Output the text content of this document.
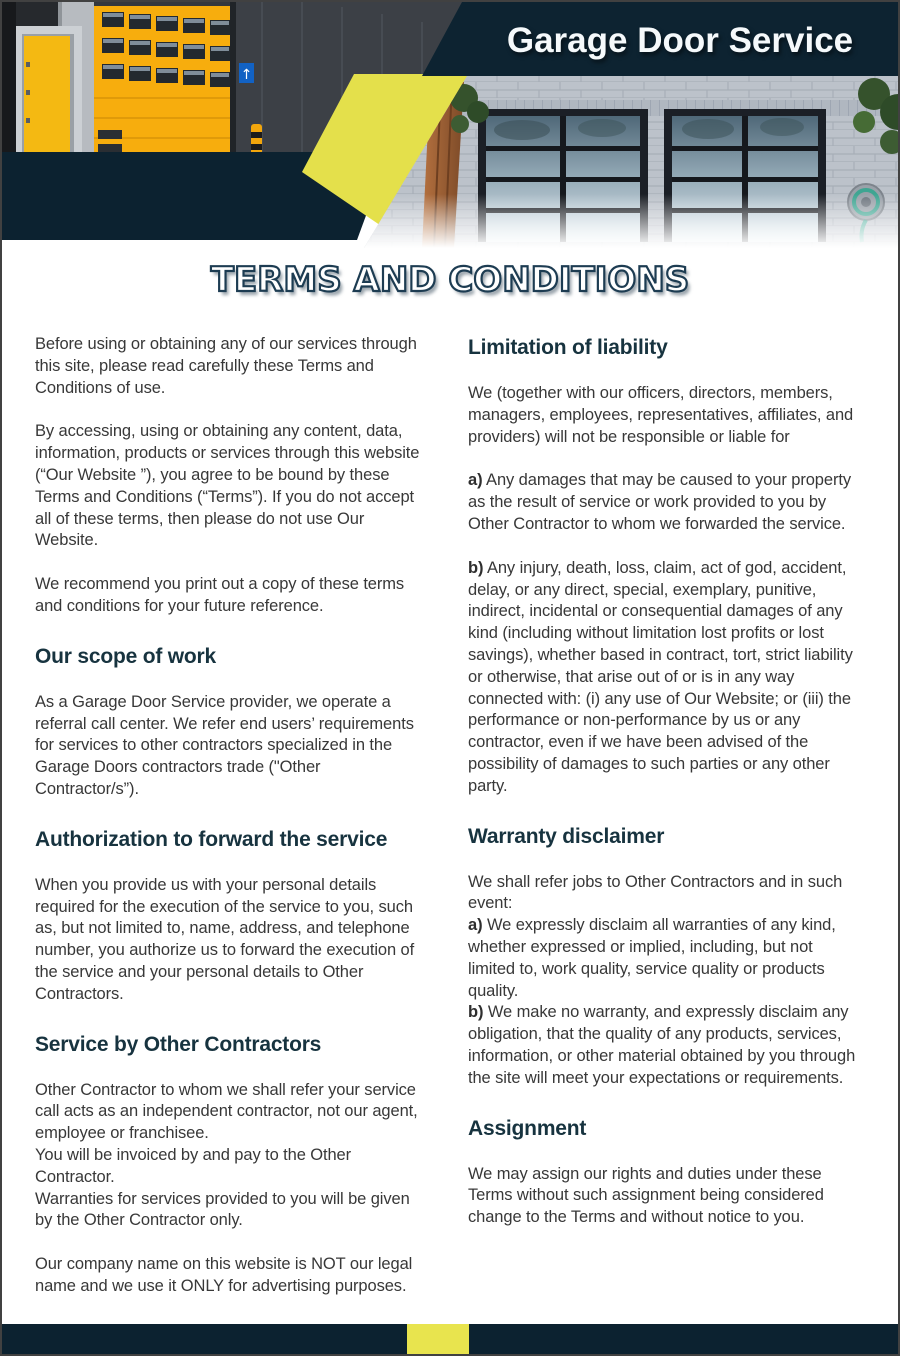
↑
Garage Door Service
TERMS AND CONDITIONS

Before using or obtaining any of our services through this site, please read carefully these Terms and Conditions of use.

By accessing, using or obtaining any content, data, information, products or services through this website (“Our Website ”), you agree to be bound by these Terms and Conditions (“Terms”). If you do not accept all of these terms, then please do not use Our Website.

We recommend you print out a copy of these terms and conditions for your future reference.

Our scope of work

As a Garage Door Service provider, we operate a referral call center. We refer end users’ requirements for services to other contractors specialized in the Garage Doors contractors trade ("Other Contractor/s”).

Authorization to forward the service

When you provide us with your personal details required for the execution of the service to you, such as, but not limited to, name, address, and telephone number, you authorize us to forward the execution of the service and your personal details to Other Contractors.

Service by Other Contractors

Other Contractor to whom we shall refer your service call acts as an independent contractor, not our agent, employee or franchisee.
You will be invoiced by and pay to the Other Contractor.
Warranties for services provided to you will be given by the Other Contractor only.

Our company name on this website is NOT our legal name and we use it ONLY for advertising purposes.

Limitation of liability

We (together with our officers, directors, members, managers, employees, representatives, affiliates, and providers) will not be responsible or liable for

a) Any damages that may be caused to your property as the result of service or work provided to you by Other Contractor to whom we forwarded the service.

b) Any injury, death, loss, claim, act of god, accident, delay, or any direct, special, exemplary, punitive, indirect, incidental or consequential damages of any kind (including without limitation lost profits or lost savings), whether based in contract, tort, strict liability or otherwise, that arise out of or is in any way connected with: (i) any use of Our Website; or (iii) the performance or non-performance by us or any contractor, even if we have been advised of the possibility of damages to such parties or any other party.

Warranty disclaimer

We shall refer jobs to Other Contractors and in such event:
a) We expressly disclaim all warranties of any kind, whether expressed or implied, including, but not limited to, work quality, service quality or products quality.
b) We make no warranty, and expressly disclaim any obligation, that the quality of any products, services, information, or other material obtained by you through the site will meet your expectations or requirements.

Assignment

We may assign our rights and duties under these Terms without such assignment being considered change to the Terms and without notice to you.
